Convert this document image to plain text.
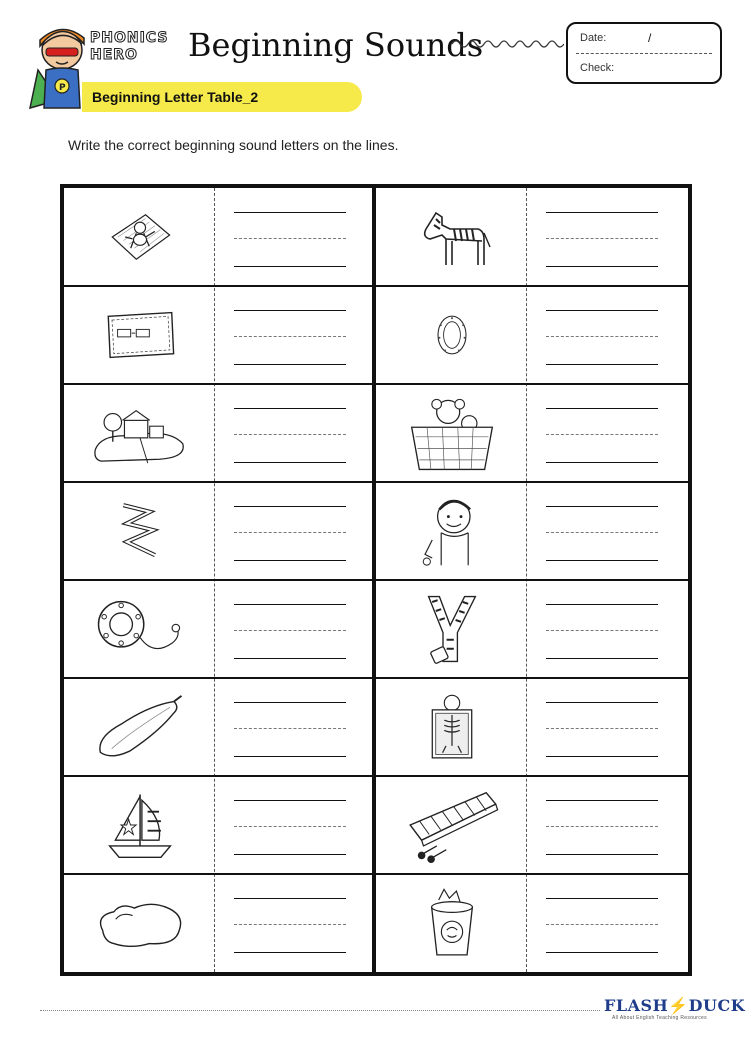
P
PHONICS
HERO	Beginning Sounds	Date:	/
Check:
Beginning Letter Table_2
Write the correct beginning sound letters on the lines.
FLASH⚡DUCK
All About English Teaching Resources
